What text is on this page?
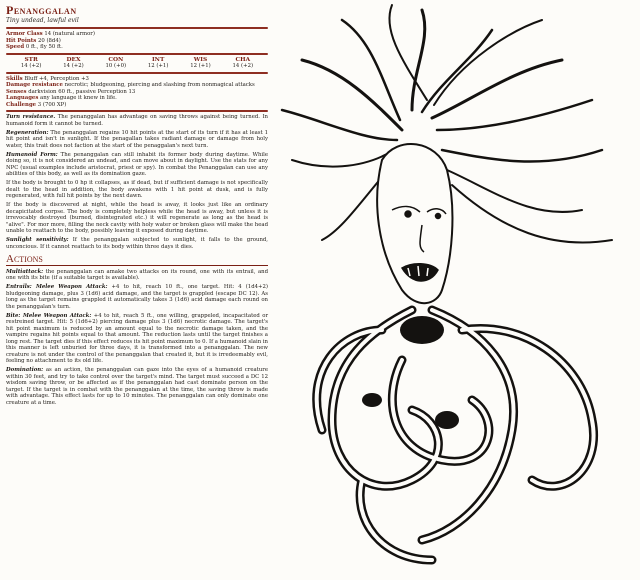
Penanggalan
Tiny undead, lawful evil
Armor Class 14 (natural armor)
Hit Points 20 (8d4)
Speed 0 ft., fly 50 ft.
STR
14 (+2)
DEX
14 (+2)
CON
10 (+0)
INT
12 (+1)
WIS
12 (+1)
CHA
14 (+2)
Skills Bluff +4, Perception +3
Damage resistance necrotic; bludgeoning, piercing and slashing from nonmagical attacks
Senses darkvision 60 ft., passive Perception 13
Languages any language it knew in life.
Challenge 3 (700 XP)

Turn resistance. The penanggalan has advantage on saving throws against being turned. In humanoid form it cannot be turned.

Regeneration: The penanggalan regains 10 hit points at the start of its turn if it has at least 1 hit point and isn't in sunlight. If the penagallan takes radiant damage or damage from holy water, this trait does not faction at the start of the penaggalan's next turn.

Humanoid Form: The penanggalan can still inhabit its former body during daytime. While doing so, it is not considered an undead, and can move about in daylight. Use the stats for any NPC (usual examples include aristocrat, priest or spy). In combat the Penanggalan can use any abilities of this body, as well as its domination gaze.

If the body is brought to 0 hp it collapses, as if dead, but if sufficient damage is not specifically dealt to the head in addition, the body awakens with 1 hit point at dusk, and is fully regenerated, with full hit points by the next dawn.

If the body is discovered at night, while the head is away, it looks just like an ordinary decapicitated corpse. The body is completely helpless while the head is away, but unless it is irrevocably destroyed (burned, disintegrated etc.) it will regenerate as long as the head is "alive". For mor more, filling the neck cavity with holy water or broken glass will make the head unable to reattach to the body, possibly leaving it exposed during daytime.

Sunlight sensitivity: If the penanggalan subjected to sunlight, it falls to the ground, unconcious. If it cannot reattach to its body within three days it dies.

Actions

Multiattack: the penanggalan can amake two attacks on its round, one with its entrail, and one with its bite (if a suitable target is available).

Entrails: Melee Weapon Attack: +4 to hit, reach 10 ft., one target. Hit: 4 (1d4+2) bludgeoning damage, plus 3 (1d6) acid damage, and the target is grappled (escape DC 12). As long as the target remains grappled it automatically takes 3 (1d6) acid damage each round on the penanggalan's turn.

Bite: Melee Weapon Attack: +4 to hit, reach 5 ft., one willing, grappeled, incapacitated or restreined target. Hit: 5 (1d6+2) piercing damage plus 3 (1d6) necrotic damage. The target's hit point maximum is reduced by an amount equal to the necrotic damage taken, and the vampire regains hit points equal to that amount. The reduction lasts until the target finishes a long rest. The target dies if this effect reduces its hit point maximum to 0. If a humanoid slain in this manner is left unburied for three days, it is transformed into a penanggalan. The new creature is not under the control of the penanggalan that created it, but it is irredeemably evil, feeling no attachment to its old life.

Domination: as an action, the penanggalan can gaze into the eyes of a humanoid creature within 30 feet, and try to take control over the target's mind. The target must succeed a DC 12 wisdom saving throw, or be affected as if the penanggalan had cast dominate person on the target. If the target is in combat with the penanggalan at the time, the saving throw is made with advantage. This effect lasts for up to 10 minutes. The penanggalan can only dominate one creature at a time.
